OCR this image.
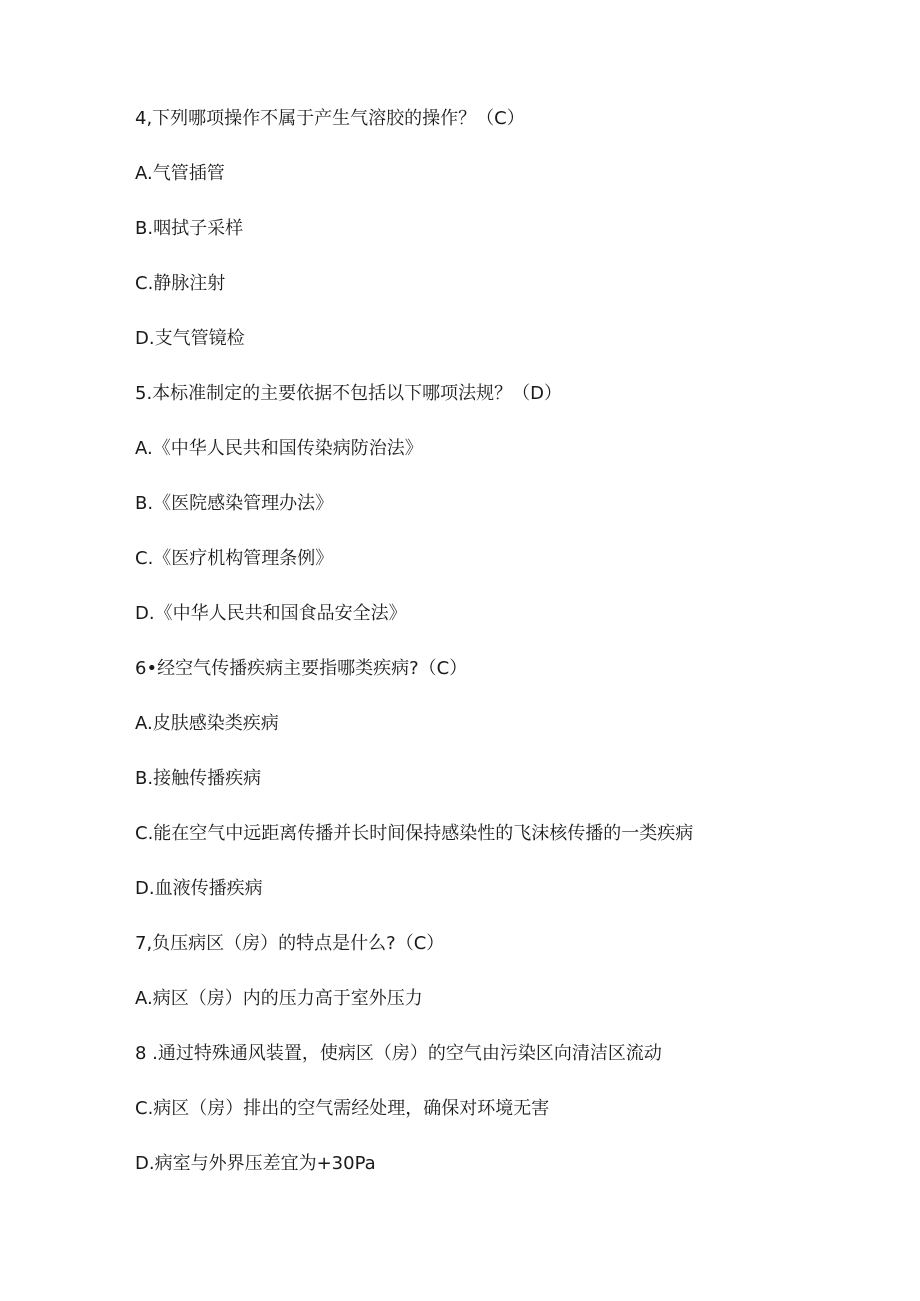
4,下列哪项操作不属于产生气溶胶的操作？（C）
A.气管插管
B.咽拭子采样
C.静脉注射
D.支气管镜检
5.本标准制定的主要依据不包括以下哪项法规？（D）
A.《中华人民共和国传染病防治法》
B.《医院感染管理办法》
C.《医疗机构管理条例》
D.《中华人民共和国食品安全法》
6•经空气传播疾病主要指哪类疾病?（C）
A.皮肤感染类疾病
B.接触传播疾病
C.能在空气中远距离传播并长时间保持感染性的飞沫核传播的一类疾病
D.血液传播疾病
7,负压病区（房）的特点是什么?（C）
A.病区（房）内的压力高于室外压力
8 .通过特殊通风装置，使病区（房）的空气由污染区向清洁区流动
C.病区（房）排出的空气需经处理，确保对环境无害
D.病室与外界压差宜为+30Pa
